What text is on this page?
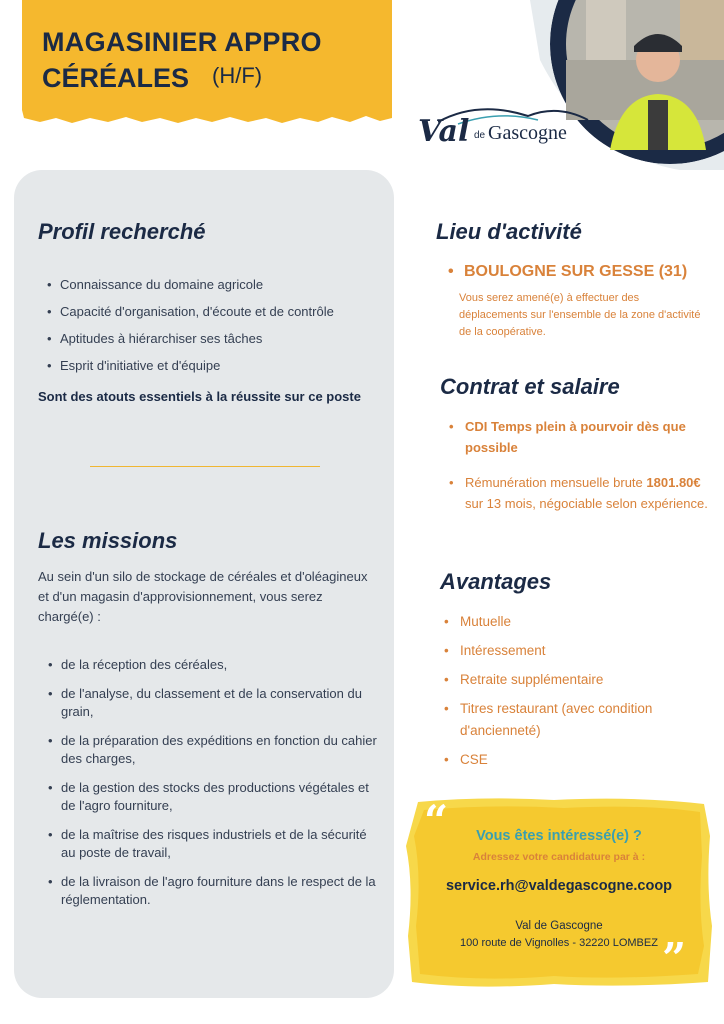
MAGASINIER APPRO
CÉRÉALES (H/F)
Val de Gascogne
Profil recherché
• Connaissance du domaine agricole
• Capacité d'organisation, d'écoute et de contrôle
• Aptitudes à hiérarchiser ses tâches
• Esprit d'initiative et d'équipe
Sont des atouts essentiels à la réussite sur ce poste
Les missions
Au sein d'un silo de stockage de céréales et d'oléagineux et d'un magasin d'approvisionnement, vous serez chargé(e) :
• de la réception des céréales,
• de l'analyse, du classement et de la conservation du grain,
• de la préparation des expéditions en fonction du cahier des charges,
• de la gestion des stocks des productions végétales et de l'agro fourniture,
• de la maîtrise des risques industriels et de la sécurité au poste de travail,
• de la livraison de l'agro fourniture dans le respect de la réglementation.
Lieu d'activité
• BOULOGNE SUR GESSE (31)
Vous serez amené(e) à effectuer des déplacements sur l'ensemble de la zone d'activité de la coopérative.
Contrat et salaire
• CDI Temps plein à pourvoir dès que possible
• Rémunération mensuelle brute 1801.80€ sur 13 mois, négociable selon expérience.
Avantages
• Mutuelle
• Intéressement
• Retraite supplémentaire
• Titres restaurant (avec condition d'ancienneté)
• CSE
“
”
Vous êtes intéressé(e) ?
Adressez votre candidature par à :
service.rh@valdegascogne.coop
Val de Gascogne
100 route de Vignolles - 32220 LOMBEZ
